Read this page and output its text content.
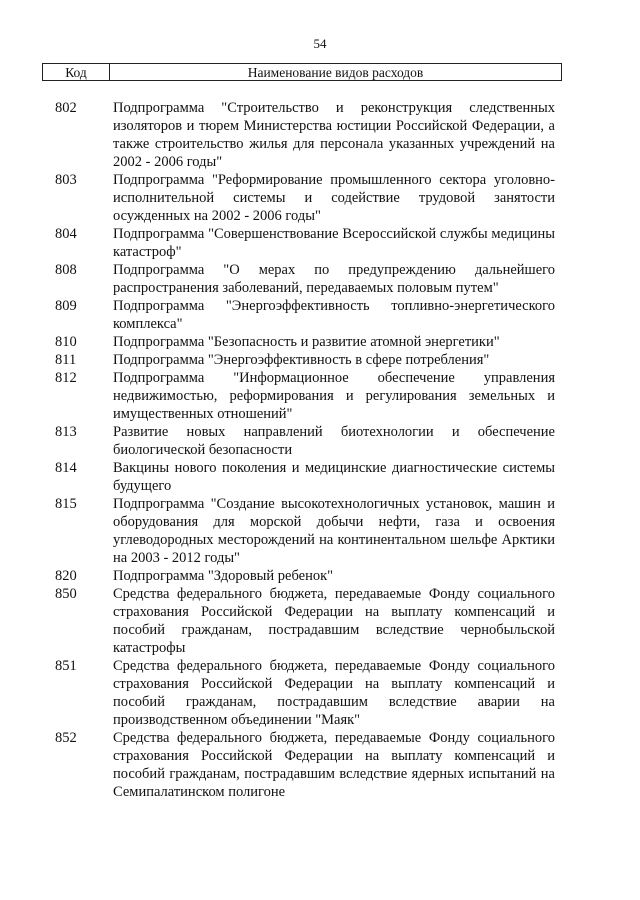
54
Код	Наименование видов расходов
802	Подпрограмма "Строительство и реконструкция следственных изоляторов и тюрем Министерства юстиции Российской Федерации, а также строительство жилья для персонала указанных учреждений на 2002 - 2006 годы"
803	Подпрограмма "Реформирование промышленного сектора уголовно-исполнительной системы и содействие трудовой занятости осужденных на 2002 - 2006 годы"
804	Подпрограмма "Совершенствование Всероссийской службы медицины катастроф"
808	Подпрограмма "О мерах по предупреждению дальнейшего распространения заболеваний, передаваемых половым путем"
809	Подпрограмма "Энергоэффективность топливно-энергетического комплекса"
810	Подпрограмма "Безопасность и развитие атомной энергетики"
811	Подпрограмма "Энергоэффективность в сфере потребления"
812	Подпрограмма "Информационное обеспечение управления недвижимостью, реформирования и регулирования земельных и имущественных отношений"
813	Развитие новых направлений биотехнологии и обеспечение биологической безопасности
814	Вакцины нового поколения и медицинские диагностические системы будущего
815	Подпрограмма "Создание высокотехнологичных установок, машин и оборудования для морской добычи нефти, газа и освоения углеводородных месторождений на континентальном шельфе Арктики на 2003 - 2012 годы"
820	Подпрограмма "Здоровый ребенок"
850	Средства федерального бюджета, передаваемые Фонду социального страхования Российской Федерации на выплату компенсаций и пособий гражданам, пострадавшим вследствие чернобыльской катастрофы
851	Средства федерального бюджета, передаваемые Фонду социального страхования Российской Федерации на выплату компенсаций и пособий гражданам, пострадавшим вследствие аварии на производственном объединении "Маяк"
852	Средства федерального бюджета, передаваемые Фонду социального страхования Российской Федерации на выплату компенсаций и пособий гражданам, пострадавшим вследствие ядерных испытаний на Семипалатинском полигоне
